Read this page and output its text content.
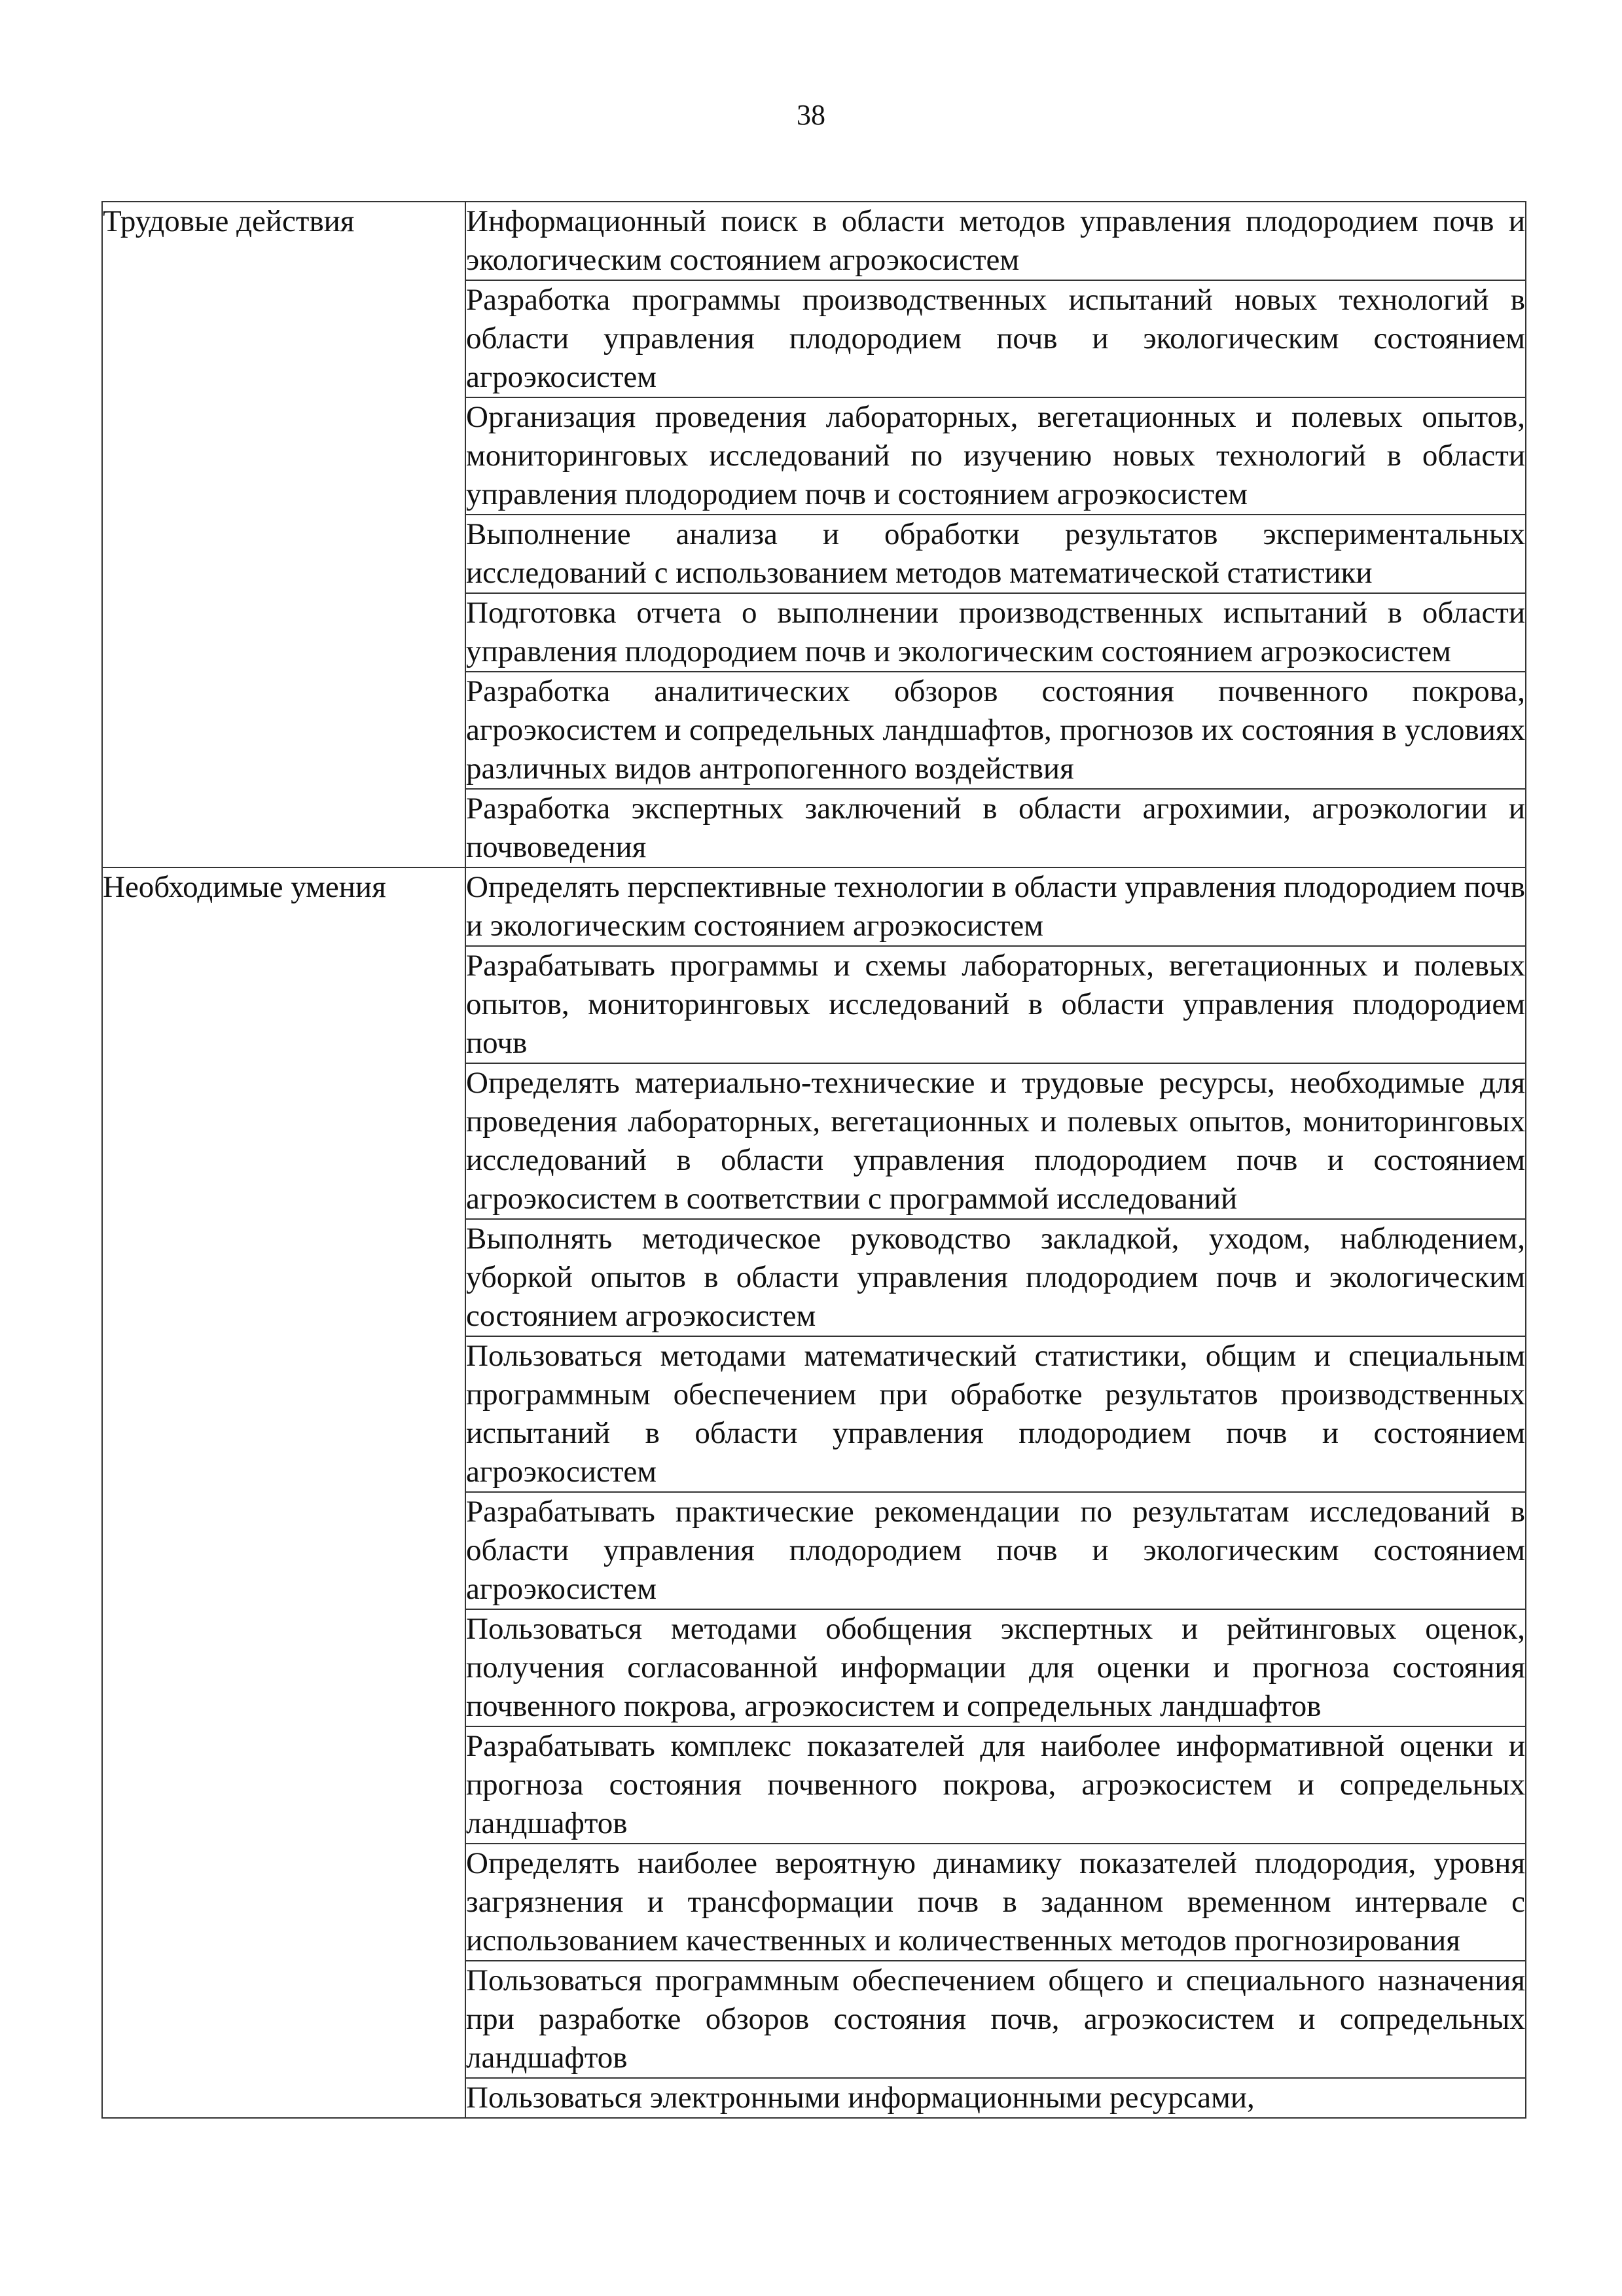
38
Трудовые действия	Информационный поиск в области методов управления плодородием почв и экологическим состоянием агроэкосистем
	Разработка программы производственных испытаний новых технологий в области управления плодородием почв и экологическим состоянием агроэкосистем
	Организация проведения лабораторных, вегетационных и полевых опытов, мониторинговых исследований по изучению новых технологий в области управления плодородием почв и состоянием агроэкосистем
	Выполнение анализа и обработки результатов экспериментальных исследований с использованием методов математической статистики
	Подготовка отчета о выполнении производственных испытаний в области управления плодородием почв и экологическим состоянием агроэкосистем
	Разработка аналитических обзоров состояния почвенного покрова, агроэкосистем и сопредельных ландшафтов, прогнозов их состояния в условиях различных видов антропогенного воздействия
	Разработка экспертных заключений в области агрохимии, агроэкологии и почвоведения
Необходимые умения	Определять перспективные технологии в области управления плодородием почв и экологическим состоянием агроэкосистем
	Разрабатывать программы и схемы лабораторных, вегетационных и полевых опытов, мониторинговых исследований в области управления плодородием почв
	Определять материально-технические и трудовые ресурсы, необходимые для проведения лабораторных, вегетационных и полевых опытов, мониторинговых исследований в области управления плодородием почв и состоянием агроэкосистем в соответствии с программой исследований
	Выполнять методическое руководство закладкой, уходом, наблюдением, уборкой опытов в области управления плодородием почв и экологическим состоянием агроэкосистем
	Пользоваться методами математический статистики, общим и специальным программным обеспечением при обработке результатов производственных испытаний в области управления плодородием почв и состоянием агроэкосистем
	Разрабатывать практические рекомендации по результатам исследований в области управления плодородием почв и экологическим состоянием агроэкосистем
	Пользоваться методами обобщения экспертных и рейтинговых оценок, получения согласованной информации для оценки и прогноза состояния почвенного покрова, агроэкосистем и сопредельных ландшафтов
	Разрабатывать комплекс показателей для наиболее информативной оценки и прогноза состояния почвенного покрова, агроэкосистем и сопредельных ландшафтов
	Определять наиболее вероятную динамику показателей плодородия, уровня загрязнения и трансформации почв в заданном временном интервале с использованием качественных и количественных методов прогнозирования
	Пользоваться программным обеспечением общего и специального назначения при разработке обзоров состояния почв, агроэкосистем и сопредельных ландшафтов
	Пользоваться электронными информационными ресурсами,
